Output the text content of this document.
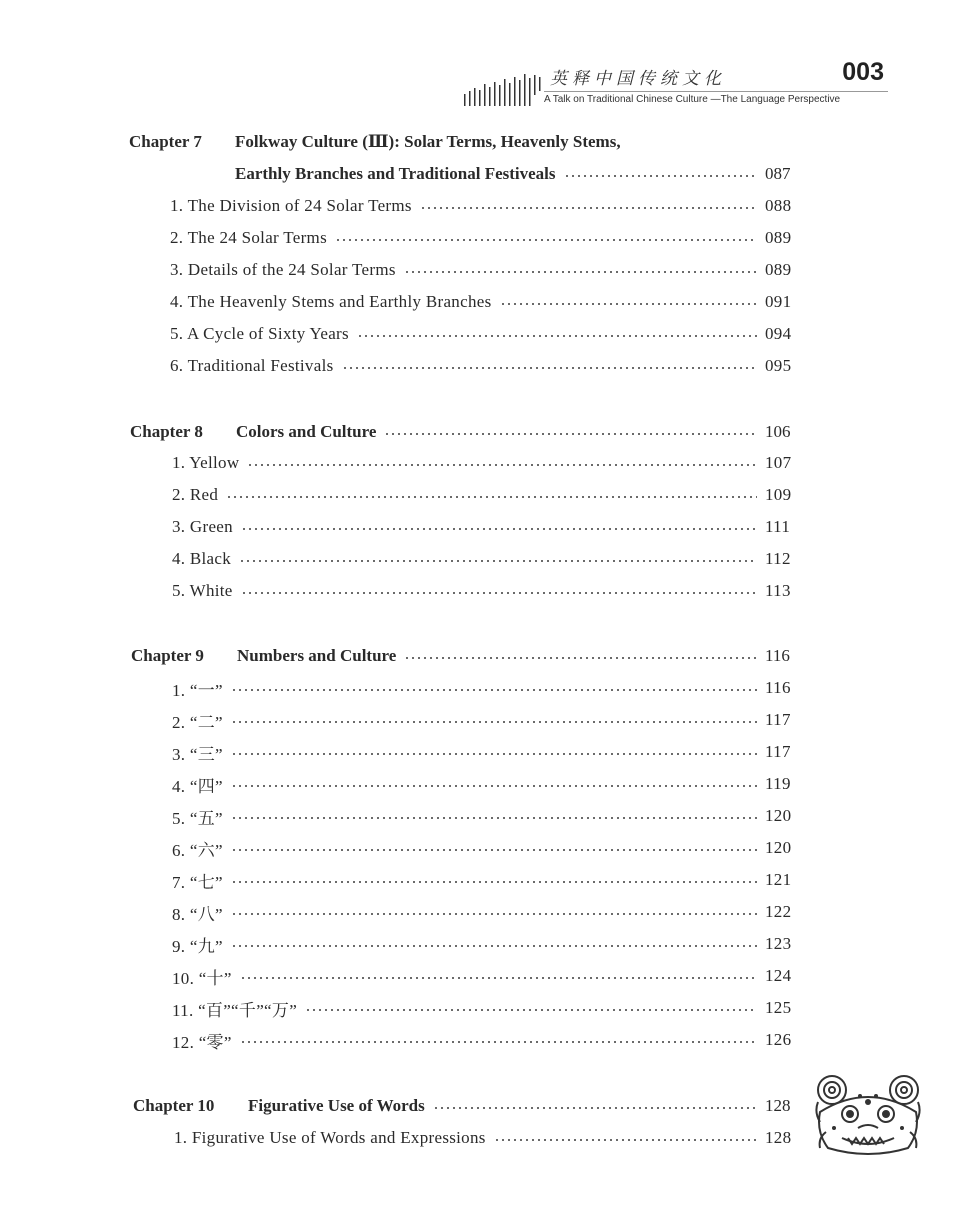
英释中国传统文化	003
A Talk on Traditional Chinese Culture —The Language Perspective
Chapter 7	Folkway Culture (Ⅲ): Solar Terms, Heavenly Stems,
Earthly Branches and Traditional Festiveals	087
1. The Division of 24 Solar Terms	088
2. The 24 Solar Terms	089
3. Details of the 24 Solar Terms	089
4. The Heavenly Stems and Earthly Branches	091
5. A Cycle of Sixty Years	094
6. Traditional Festivals	095
Chapter 8	Colors and Culture	106
1. Yellow	107
2. Red	109
3. Green	111
4. Black	112
5. White	113
Chapter 9	Numbers and Culture	116
1. “一”	116
2. “二”	117
3. “三”	117
4. “四”	119
5. “五”	120
6. “六”	120
7. “七”	121
8. “八”	122
9. “九”	123
10. “十”	124
11. “百”“千”“万”	125
12. “零”	126
Chapter 10	Figurative Use of Words	128
1. Figurative Use of Words and Expressions	128
